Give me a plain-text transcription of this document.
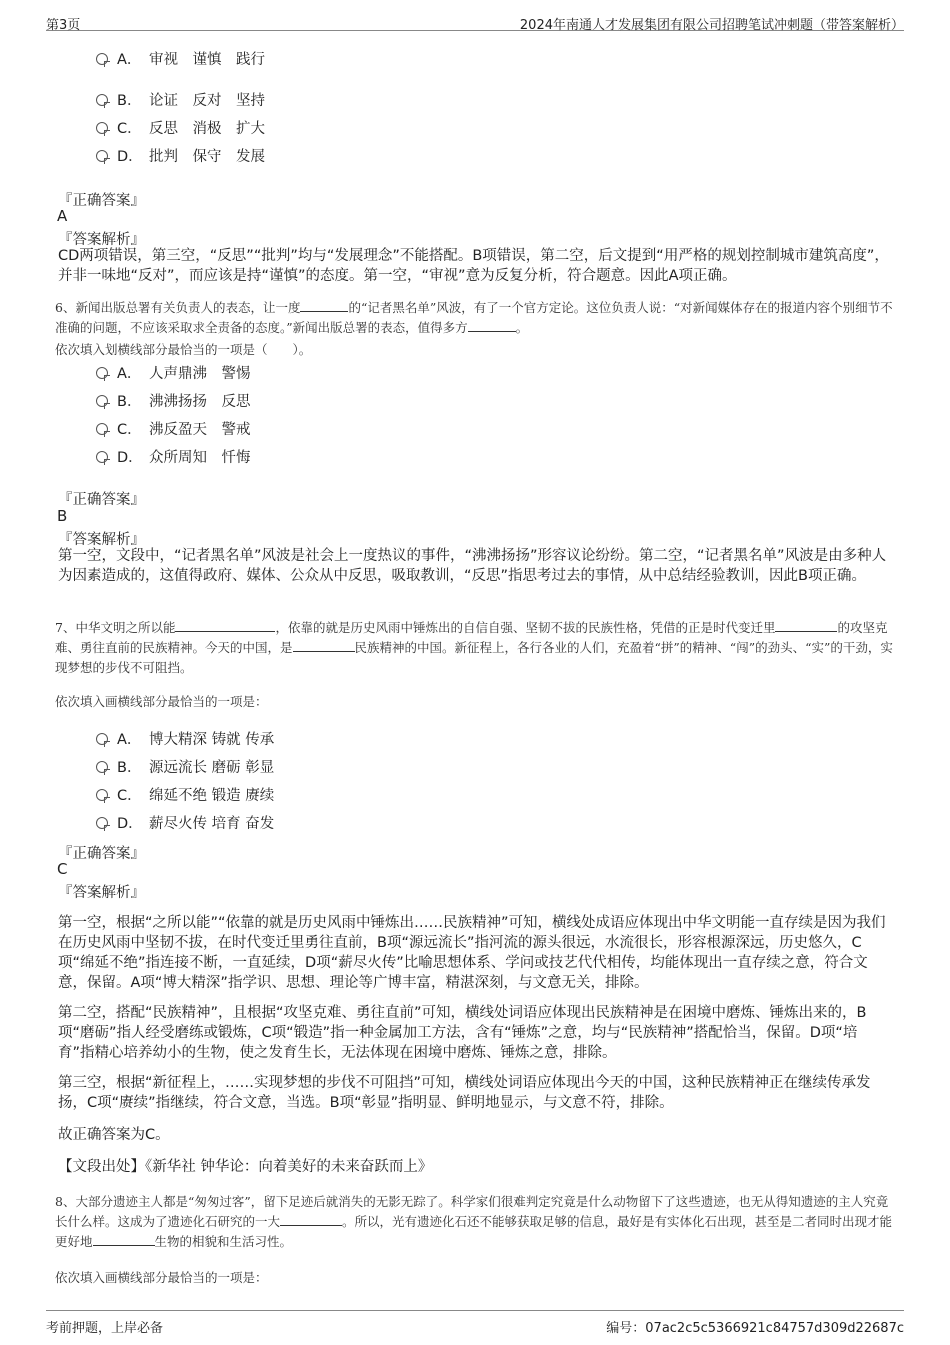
第3页	2024年南通人才发展集团有限公司招聘笔试冲刺题（带答案解析）
A． 审视　谨慎　践行
B． 论证　反对　坚持
C． 反思　消极　扩大
D． 批判　保守　发展
『正确答案』
A
『答案解析』
CD两项错误，第三空，“反思”“批判”均与“发展理念”不能搭配。B项错误，第二空，后文提到“用严格的规划控制城市建筑高度”，并非一味地“反对”，而应该是持“谨慎”的态度。第一空，“审视”意为反复分析，符合题意。因此A项正确。
6、新闻出版总署有关负责人的表态，让一度	的“记者黑名单”风波，有了一个官方定论。这位负责人说：“对新闻媒体存在的报道内容个别细节不准确的问题，不应该采取求全责备的态度。”新闻出版总署的表态，值得多方	。
依次填入划横线部分最恰当的一项是（　　）。
A． 人声鼎沸　警惕
B． 沸沸扬扬　反思
C． 沸反盈天　警戒
D． 众所周知　忏悔
『正确答案』
B
『答案解析』
第一空，文段中，“记者黑名单”风波是社会上一度热议的事件，“沸沸扬扬”形容议论纷纷。第二空，“记者黑名单”风波是由多种人为因素造成的，这值得政府、媒体、公众从中反思，吸取教训，“反思”指思考过去的事情，从中总结经验教训，因此B项正确。
7、中华文明之所以能	，依靠的就是历史风雨中锤炼出的自信自强、坚韧不拔的民族性格，凭借的正是时代变迁里	的攻坚克难、勇往直前的民族精神。今天的中国，是	民族精神的中国。新征程上，各行各业的人们，充盈着“拼”的精神、“闯”的劲头、“实”的干劲，实现梦想的步伐不可阻挡。
依次填入画横线部分最恰当的一项是：
A． 博大精深 铸就 传承
B． 源远流长 磨砺 彰显
C． 绵延不绝 锻造 赓续
D． 薪尽火传 培育 奋发
『正确答案』
C
『答案解析』
第一空，根据“之所以能”“依靠的就是历史风雨中锤炼出……民族精神”可知，横线处成语应体现出中华文明能一直存续是因为我们在历史风雨中坚韧不拔，在时代变迁里勇往直前，B项“源远流长”指河流的源头很远，水流很长，形容根源深远，历史悠久，C项“绵延不绝”指连接不断，一直延续，D项“薪尽火传”比喻思想体系、学问或技艺代代相传，均能体现出一直存续之意，符合文意，保留。A项“博大精深”指学识、思想、理论等广博丰富，精湛深刻，与文意无关，排除。
第二空，搭配“民族精神”，且根据“攻坚克难、勇往直前”可知，横线处词语应体现出民族精神是在困境中磨炼、锤炼出来的，B项“磨砺”指人经受磨练或锻炼，C项“锻造”指一种金属加工方法，含有“锤炼”之意，均与“民族精神”搭配恰当，保留。D项“培育”指精心培养幼小的生物，使之发育生长，无法体现在困境中磨炼、锤炼之意，排除。
第三空，根据“新征程上，……实现梦想的步伐不可阻挡”可知，横线处词语应体现出今天的中国，这种民族精神正在继续传承发扬，C项“赓续”指继续，符合文意，当选。B项“彰显”指明显、鲜明地显示，与文意不符，排除。
故正确答案为C。
【文段出处】《新华社 钟华论：向着美好的未来奋跃而上》
8、大部分遗迹主人都是“匆匆过客”，留下足迹后就消失的无影无踪了。科学家们很难判定究竟是什么动物留下了这些遗迹，也无从得知遗迹的主人究竟长什么样。这成为了遗迹化石研究的一大	。所以，光有遗迹化石还不能够获取足够的信息，最好是有实体化石出现，甚至是二者同时出现才能更好地	生物的相貌和生活习性。
依次填入画横线部分最恰当的一项是：
考前押题，上岸必备	编号：07ac2c5c5366921c84757d309d22687c
